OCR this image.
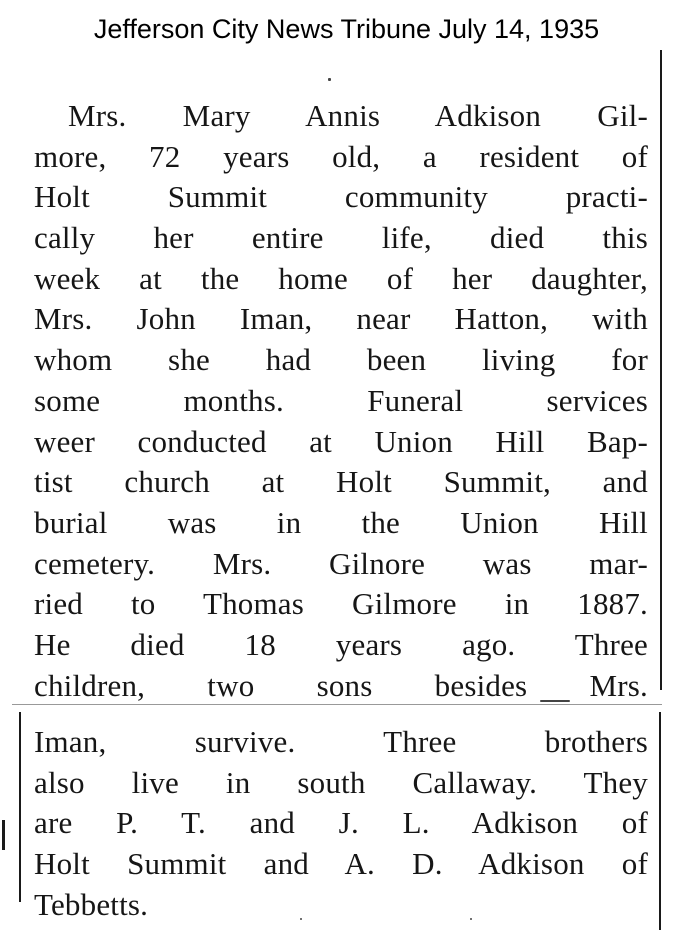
Jefferson City News Tribune July 14, 1935
Mrs. Mary Annis Adkison Gil-
more, 72 years old, a resident of
Holt Summit community practi-
cally her entire life, died this
week at the home of her daughter,
Mrs. John Iman, near Hatton, with
whom she had been living for
some months. Funeral services
weer conducted at Union Hill Bap-
tist church at Holt Summit, and
burial was in the Union Hill
cemetery. Mrs. Gilnore was mar-
ried to Thomas Gilmore in 1887.
He died 18 years ago. Three
children, two sons besides Mrs.
Iman, survive. Three brothers
also live in south Callaway. They
are P. T. and J. L. Adkison of
Holt Summit and A. D. Adkison of
Tebbetts.
